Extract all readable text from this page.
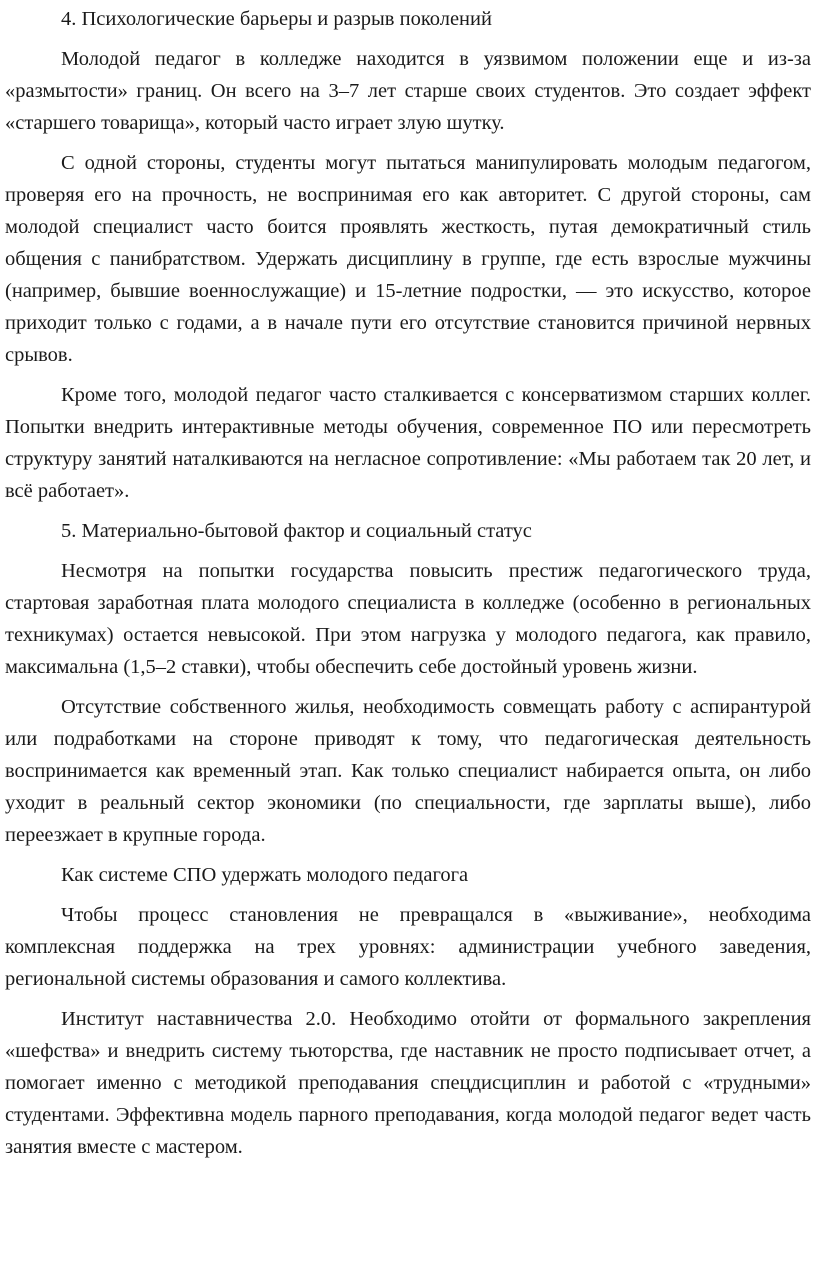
4. Психологические барьеры и разрыв поколений

Молодой педагог в колледже находится в уязвимом положении еще и из-за «размытости» границ. Он всего на 3–7 лет старше своих студентов. Это создает эффект «старшего товарища», который часто играет злую шутку.

С одной стороны, студенты могут пытаться манипулировать молодым педагогом, проверяя его на прочность, не воспринимая его как авторитет. С другой стороны, сам молодой специалист часто боится проявлять жесткость, путая демократичный стиль общения с панибратством. Удержать дисциплину в группе, где есть взрослые мужчины (например, бывшие военнослужащие) и 15-летние подростки, — это искусство, которое приходит только с годами, а в начале пути его отсутствие становится причиной нервных срывов.

Кроме того, молодой педагог часто сталкивается с консерватизмом старших коллег. Попытки внедрить интерактивные методы обучения, современное ПО или пересмотреть структуру занятий наталкиваются на негласное сопротивление: «Мы работаем так 20 лет, и всё работает».

5. Материально-бытовой фактор и социальный статус

Несмотря на попытки государства повысить престиж педагогического труда, стартовая заработная плата молодого специалиста в колледже (особенно в региональных техникумах) остается невысокой. При этом нагрузка у молодого педагога, как правило, максимальна (1,5–2 ставки), чтобы обеспечить себе достойный уровень жизни.

Отсутствие собственного жилья, необходимость совмещать работу с аспирантурой или подработками на стороне приводят к тому, что педагогическая деятельность воспринимается как временный этап. Как только специалист набирается опыта, он либо уходит в реальный сектор экономики (по специальности, где зарплаты выше), либо переезжает в крупные города.

Как системе СПО удержать молодого педагога

Чтобы процесс становления не превращался в «выживание», необходима комплексная поддержка на трех уровнях: администрации учебного заведения, региональной системы образования и самого коллектива.

Институт наставничества 2.0. Необходимо отойти от формального закрепления «шефства» и внедрить систему тьюторства, где наставник не просто подписывает отчет, а помогает именно с методикой преподавания спецдисциплин и работой с «трудными» студентами. Эффективна модель парного преподавания, когда молодой педагог ведет часть занятия вместе с мастером.
